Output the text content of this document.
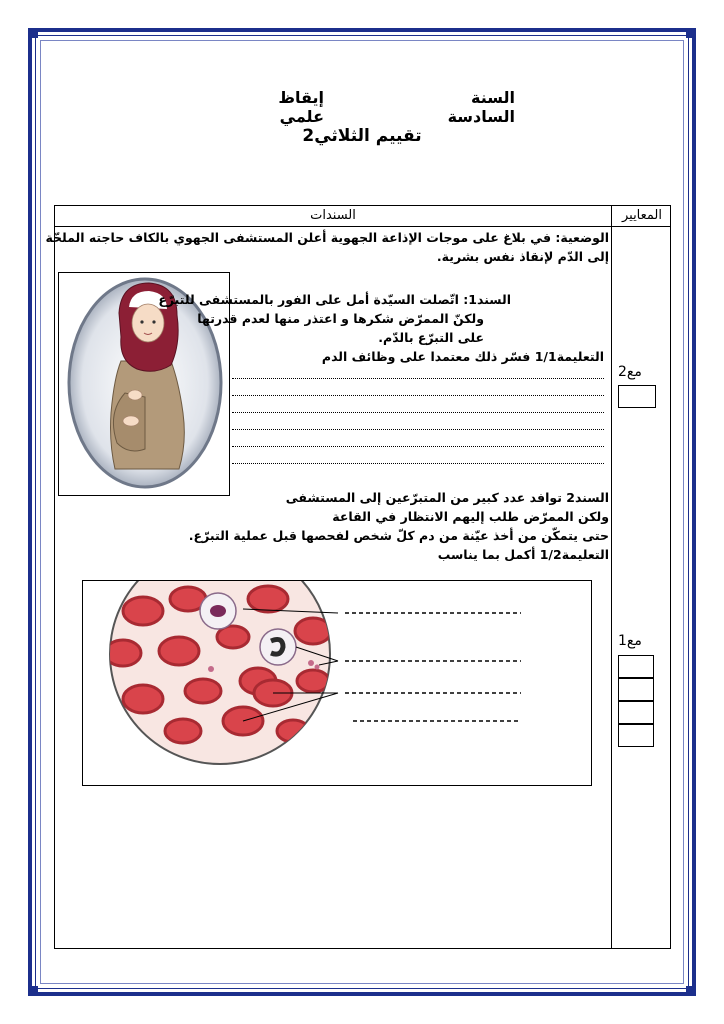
السنة السادسة
إيقاظ علمي
تقييم الثلاثي2
السندات	المعايير
الوضعية: في بلاغ على موجات الإذاعة الجهوية أعلن المستشفى الجهوي بالكاف حاجته الملحّة
إلى الدّم لإنقاذ نفس بشرية.
السند1: اتّصلت السيّدة أمل على الفور بالمستشفى للتبرّع
ولكنّ الممرّض شكرها و اعتذر منها لعدم قدرتها
على التبرّع بالدّم.
التعليمة1/1 فسّر ذلك معتمدا على وظائف الدم
مع2
السند2 توافد عدد كبير من المتبرّعين إلى المستشفى
ولكن الممرّض طلب إليهم الانتظار في القاعة
حتى يتمكّن من أخذ عيّنة من دم كلّ شخص لفحصها قبل عملية التبرّع.
التعليمة1/2 أكمل بما يناسب
مع1
